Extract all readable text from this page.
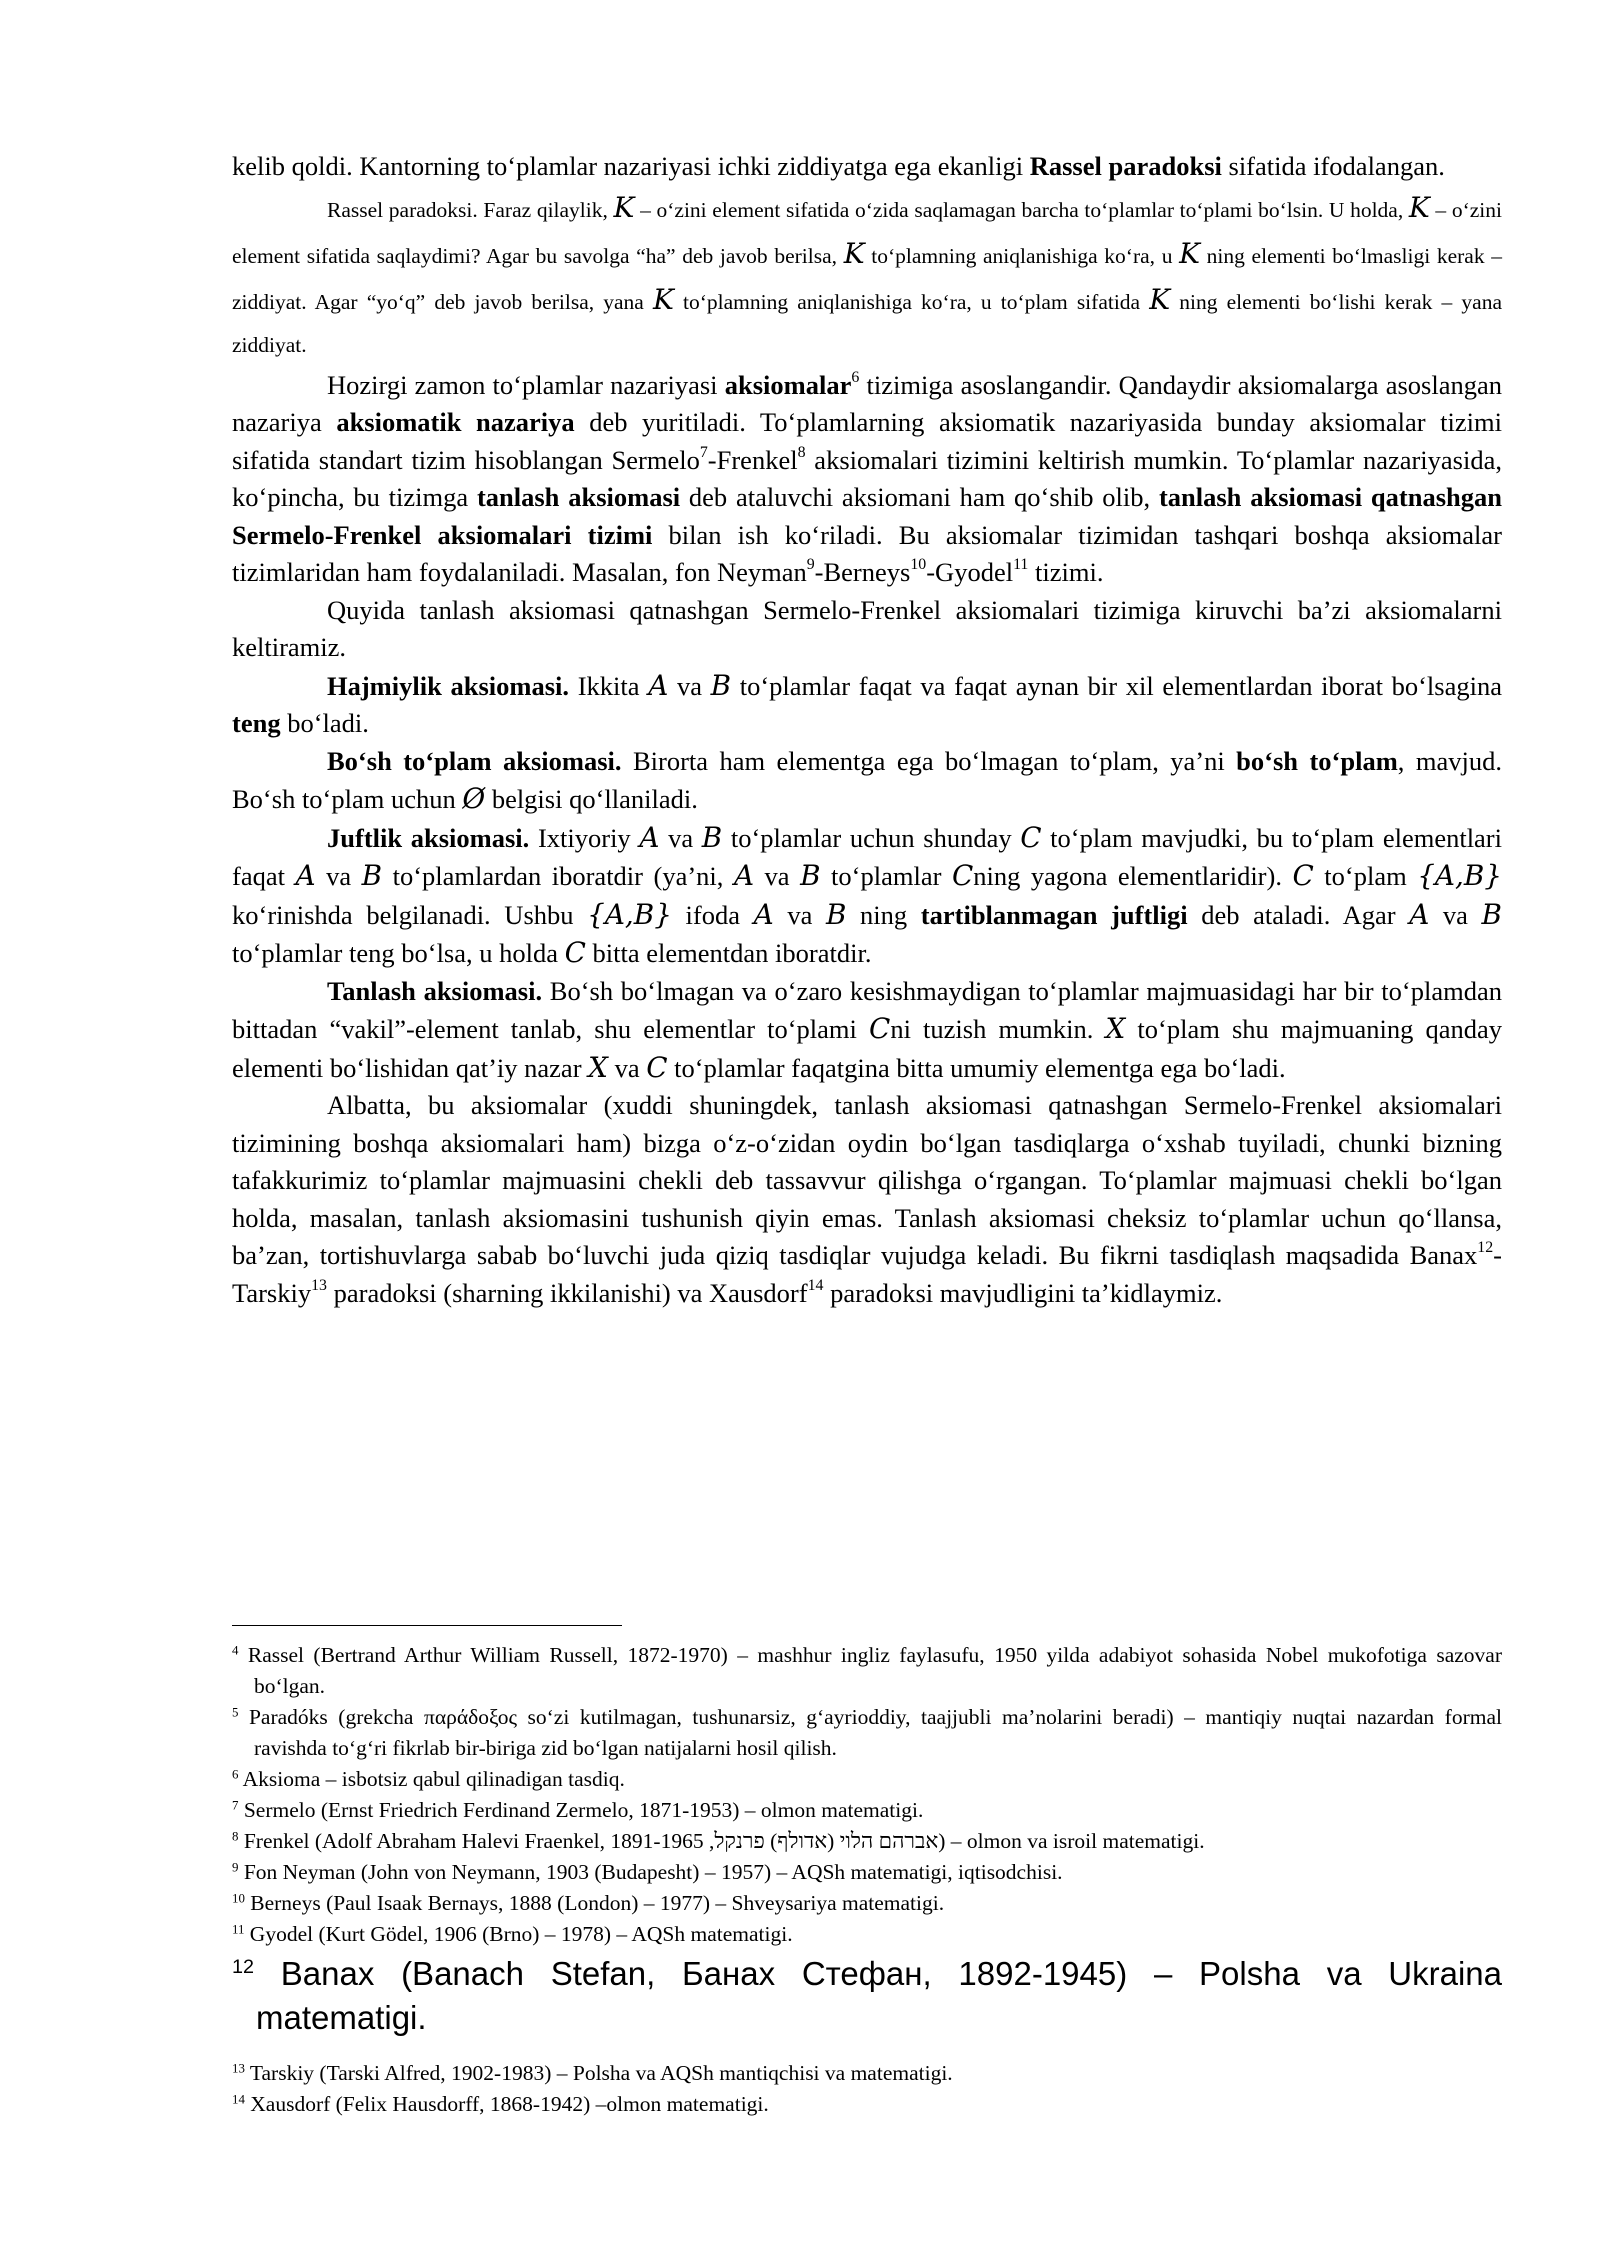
kelib qoldi. Kantorning toʻplamlar nazariyasi ichki ziddiyatga ega ekanligi Rassel paradoksi sifatida ifodalangan.

Rassel paradoksi. Faraz qilaylik, K – oʻzini element sifatida oʻzida saqlamagan barcha toʻplamlar toʻplami boʻlsin. U holda, K – oʻzini element sifatida saqlaydimi? Agar bu savolga “ha” deb javob berilsa, K toʻplamning aniqlanishiga koʻra, u K ning elementi boʻlmasligi kerak – ziddiyat. Agar “yoʻq” deb javob berilsa, yana K toʻplamning aniqlanishiga koʻra, u toʻplam sifatida K ning elementi boʻlishi kerak – yana ziddiyat.

Hozirgi zamon toʻplamlar nazariyasi aksiomalar$^6$ tizimiga asoslangandir. Qandaydir aksiomalarga asoslangan nazariya aksiomatik nazariya deb yuritiladi. Toʻplamlarning aksiomatik nazariyasida bunday aksiomalar tizimi sifatida standart tizim hisoblangan Sermelo$^7$-Frenkel$^8$ aksiomalari tizimini keltirish mumkin. Toʻplamlar nazariyasida, koʻpincha, bu tizimga tanlash aksiomasi deb ataluvchi aksiomani ham qoʻshib olib, tanlash aksiomasi qatnashgan Sermelo-Frenkel aksiomalari tizimi bilan ish koʻriladi. Bu aksiomalar tizimidan tashqari boshqa aksiomalar tizimlaridan ham foydalaniladi. Masalan, fon Neyman$^9$-Berneys$^{10}$-Gyodel$^{11}$ tizimi.

Quyida tanlash aksiomasi qatnashgan Sermelo-Frenkel aksiomalari tizimiga kiruvchi baʼzi aksiomalarni keltiramiz.

Hajmiylik aksiomasi. Ikkita A va B toʻplamlar faqat va faqat aynan bir xil elementlardan iborat boʻlsagina teng boʻladi.

Boʻsh toʻplam aksiomasi. Birorta ham elementga ega boʻlmagan toʻplam, yaʼni boʻsh toʻplam, mavjud. Boʻsh toʻplam uchun Ø belgisi qoʻllaniladi.

Juftlik aksiomasi. Ixtiyoriy A va B toʻplamlar uchun shunday C toʻplam mavjudki, bu toʻplam elementlari faqat A va B toʻplamlardan iboratdir (yaʼni, A va B toʻplamlar Cning yagona elementlaridir). C toʻplam {A,B} koʻrinishda belgilanadi. Ushbu {A,B} ifoda A va B ning tartiblanmagan juftligi deb ataladi. Agar A va B toʻplamlar teng boʻlsa, u holda C bitta elementdan iboratdir.

Tanlash aksiomasi. Boʻsh boʻlmagan va oʻzaro kesishmaydigan toʻplamlar majmuasidagi har bir toʻplamdan bittadan “vakil”-element tanlab, shu elementlar toʻplami Cni tuzish mumkin. X toʻplam shu majmuaning qanday elementi boʻlishidan qatʼiy nazar X va C toʻplamlar faqatgina bitta umumiy elementga ega boʻladi.

Albatta, bu aksiomalar (xuddi shuningdek, tanlash aksiomasi qatnashgan Sermelo-Frenkel aksiomalari tizimining boshqa aksiomalari ham) bizga oʻz-oʻzidan oydin boʻlgan tasdiqlarga oʻxshab tuyiladi, chunki bizning tafakkurimiz toʻplamlar majmuasini chekli deb tassavvur qilishga oʻrgangan. Toʻplamlar majmuasi chekli boʻlgan holda, masalan, tanlash aksiomasini tushunish qiyin emas. Tanlash aksiomasi cheksiz toʻplamlar uchun qoʻllansa, baʼzan, tortishuvlarga sabab boʻluvchi juda qiziq tasdiqlar vujudga keladi. Bu fikrni tasdiqlash maqsadida Banax$^{12}$-Tarskiy$^{13}$ paradoksi (sharning ikkilanishi) va Xausdorf$^{14}$ paradoksi mavjudligini taʼkidlaymiz.

$^4$ Rassel (Bertrand Arthur William Russell, 1872-1970) – mashhur ingliz faylasufu, 1950 yilda adabiyot sohasida Nobel mukofotiga sazovar boʻlgan.

$^5$ Paradóks (grekcha παράδοξος soʻzi kutilmagan, tushunarsiz, gʻayrioddiy, taajjubli maʼnolarini beradi) – mantiqiy nuqtai nazardan formal ravishda toʻgʻri fikrlab bir-biriga zid boʻlgan natijalarni hosil qilish.

$^6$ Aksioma – isbotsiz qabul qilinadigan tasdiq.

$^7$ Sermelo (Ernst Friedrich Ferdinand Zermelo, 1871-1953) – olmon matematigi.

$^8$ Frenkel (Adolf Abraham Halevi Fraenkel, 1891-1965 ,אברהם הלוי (אדולף) פרנקל) – olmon va isroil matematigi.

$^9$ Fon Neyman (John von Neymann, 1903 (Budapesht) – 1957) – AQSh matematigi, iqtisodchisi.

$^{10}$ Berneys (Paul Isaak Bernays, 1888 (London) – 1977) – Shveysariya matematigi.

$^{11}$ Gyodel (Kurt Gödel, 1906 (Brno) – 1978) – AQSh matematigi.

$^{12}$ Banax (Banach Stefan, Банах Стефан, 1892-1945) – Polsha va Ukraina matematigi.

$^{13}$ Tarskiy (Tarski Alfred, 1902-1983) – Polsha va AQSh mantiqchisi va matematigi.

$^{14}$ Xausdorf (Felix Hausdorff, 1868-1942) –olmon matematigi.
